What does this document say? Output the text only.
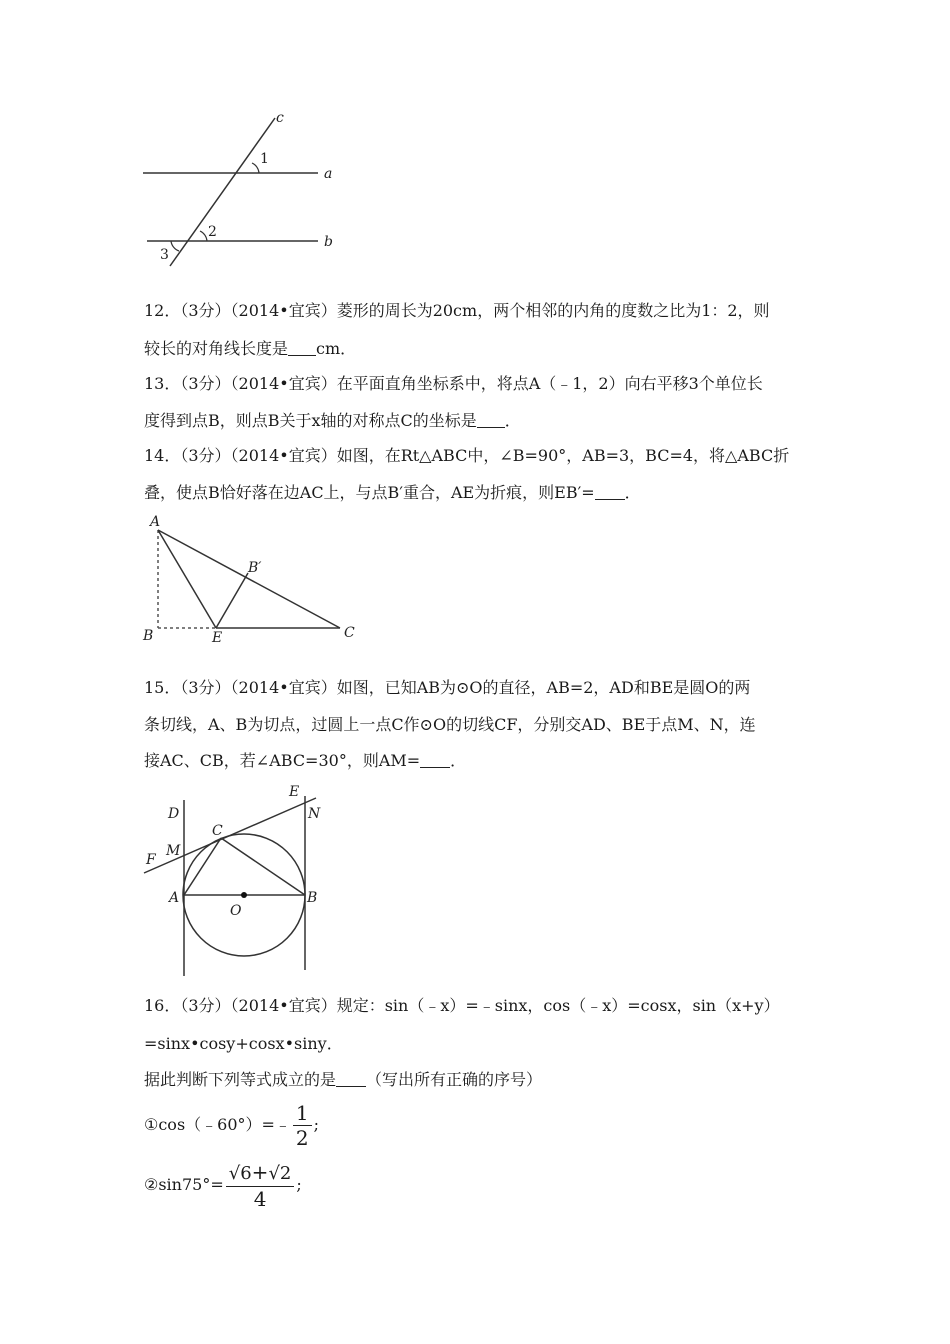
c
a
b
1
2
3
12．（3分）（2014•宜宾）菱形的周长为20cm，两个相邻的内角的度数之比为1：2，则
较长的对角线长度是 cm．
13．（3分）（2014•宜宾）在平面直角坐标系中，将点A（﹣1，2）向右平移3个单位长
度得到点B，则点B关于x轴的对称点C的坐标是 ．
14．（3分）（2014•宜宾）如图，在Rt△ABC中，∠B=90°，AB=3，BC=4，将△ABC折
叠，使点B恰好落在边AC上，与点B′重合，AE为折痕，则EB′= ．
A
B
B′
E	C
15．（3分）（2014•宜宾）如图，已知AB为⊙O的直径，AB=2，AD和BE是圆O的两
条切线，A、B为切点，过圆上一点C作⊙O的切线CF，分别交AD、BE于点M、N，连
接AC、CB，若∠ABC=30°，则AM= ．
D
E
N
C
F
M
A
O
B
16．（3分）（2014•宜宾）规定：sin（﹣x）=﹣sinx，cos（﹣x）=cosx，sin（x+y）
=sinx•cosy+cosx•siny．
据此判断下列等式成立的是 （写出所有正确的序号）
①cos（﹣60°）=﹣ $\frac{1}{2}$ ;
②sin75°= $\frac{√6+√2}{4}$ ;
